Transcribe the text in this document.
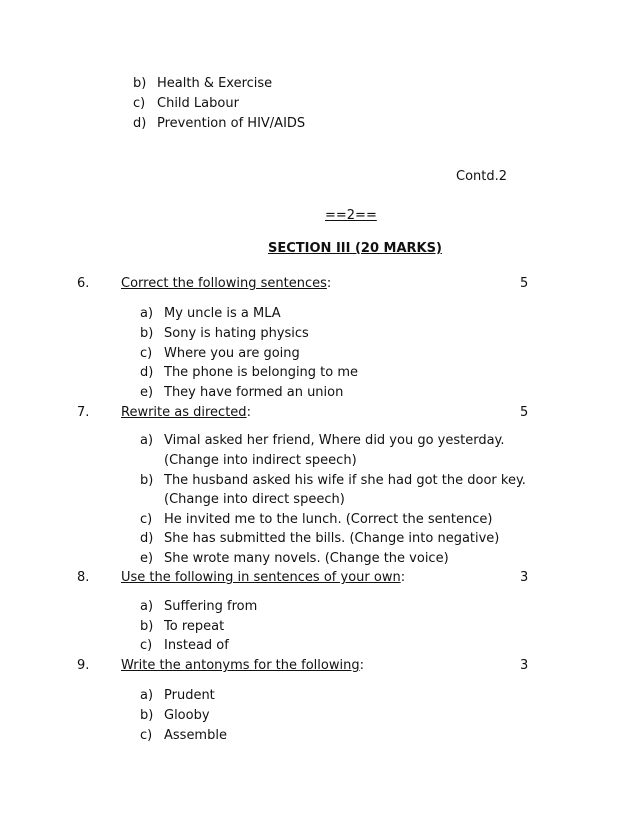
b) Health & Exercise
c) Child Labour
d) Prevention of HIV/AIDS
Contd.2
==2==
SECTION III (20 MARKS)
6. Correct the following sentences:	5
a) My uncle is a MLA
b) Sony is hating physics
c) Where you are going
d) The phone is belonging to me
e) They have formed an union
7. Rewrite as directed:	5
a) Vimal asked her friend, Where did you go yesterday.
(Change into indirect speech)
b) The husband asked his wife if she had got the door key.
(Change into direct speech)
c) He invited me to the lunch. (Correct the sentence)
d) She has submitted the bills. (Change into negative)
e) She wrote many novels. (Change the voice)
8. Use the following in sentences of your own:	3
a) Suffering from
b) To repeat
c) Instead of
9. Write the antonyms for the following:	3
a) Prudent
b) Glooby
c) Assemble
